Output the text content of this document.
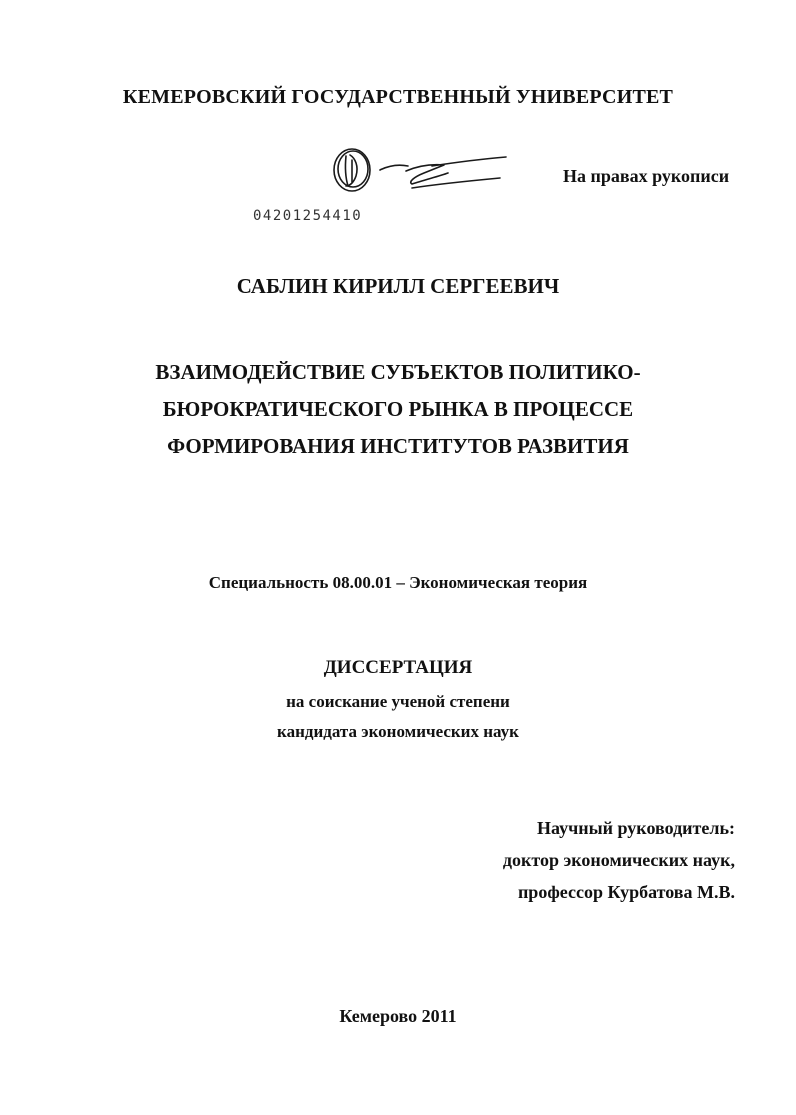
КЕМЕРОВСКИЙ ГОСУДАРСТВЕННЫЙ УНИВЕРСИТЕТ
На правах рукописи
04201254410
САБЛИН КИРИЛЛ СЕРГЕЕВИЧ
ВЗАИМОДЕЙСТВИЕ СУБЪЕКТОВ ПОЛИТИКО-
БЮРОКРАТИЧЕСКОГО РЫНКА В ПРОЦЕССЕ
ФОРМИРОВАНИЯ ИНСТИТУТОВ РАЗВИТИЯ
Специальность 08.00.01 – Экономическая теория
ДИССЕРТАЦИЯ
на соискание ученой степени
кандидата экономических наук
Научный руководитель:
доктор экономических наук,
профессор Курбатова М.В.
Кемерово 2011
